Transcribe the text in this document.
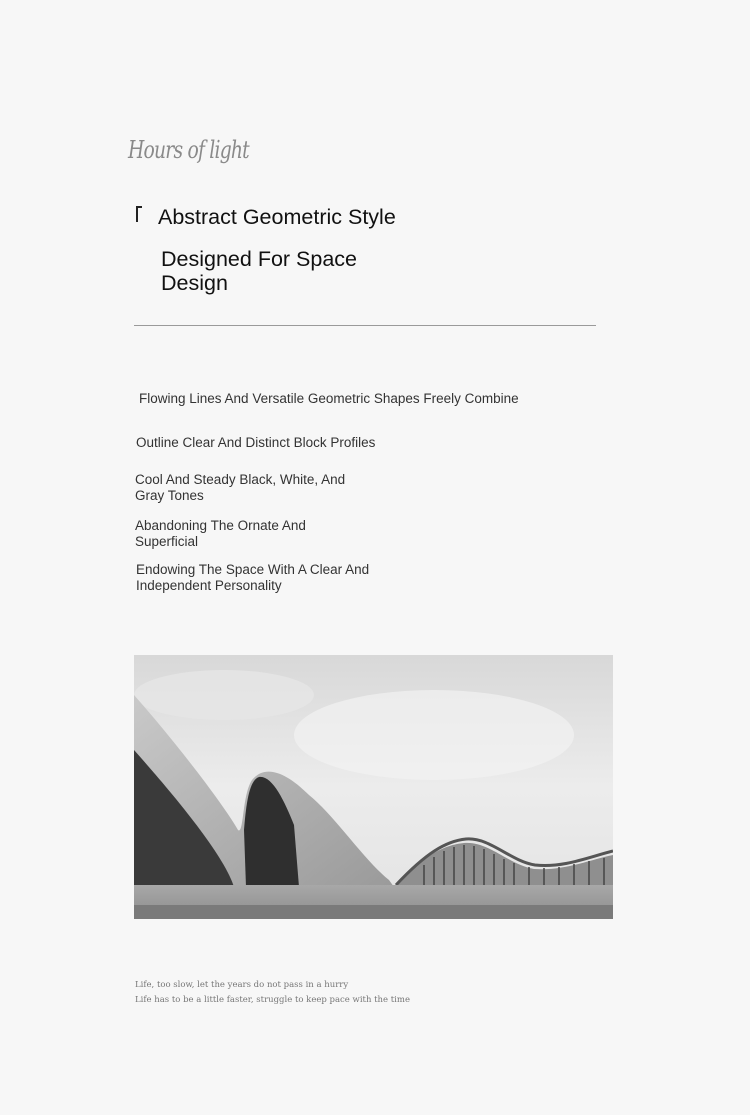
Hours of light
Abstract Geometric Style
Designed For Space Design
Flowing Lines And Versatile Geometric Shapes Freely Combine
Outline Clear And Distinct Block Profiles
Cool And Steady Black, White, And Gray Tones
Abandoning The Ornate And Superficial
Endowing The Space With A Clear And Independent Personality
Life, too slow, let the years do not pass in a hurry
Life has to be a little faster, struggle to keep pace with the time
